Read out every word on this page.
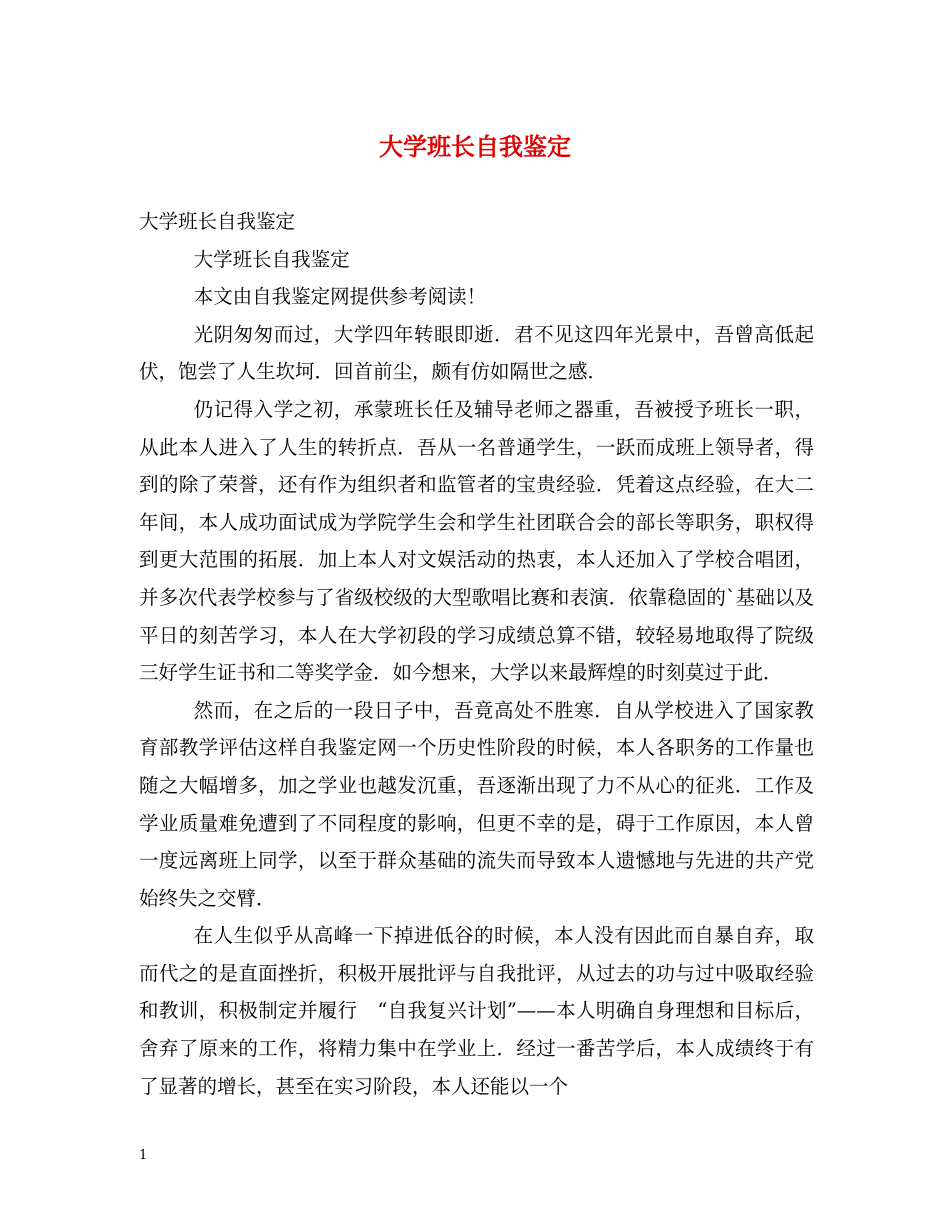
大学班长自我鉴定

大学班长自我鉴定

大学班长自我鉴定

本文由自我鉴定网提供参考阅读！

光阴匆匆而过，大学四年转眼即逝．君不见这四年光景中，吾曾高低起伏，饱尝了人生坎坷．回首前尘，颇有仿如隔世之感．

仍记得入学之初，承蒙班长任及辅导老师之器重，吾被授予班长一职，从此本人进入了人生的转折点．吾从一名普通学生，一跃而成班上领导者，得到的除了荣誉，还有作为组织者和监管者的宝贵经验．凭着这点经验，在大二年间，本人成功面试成为学院学生会和学生社团联合会的部长等职务，职权得到更大范围的拓展．加上本人对文娱活动的热衷，本人还加入了学校合唱团，并多次代表学校参与了省级校级的大型歌唱比赛和表演．依靠稳固的`基础以及平日的刻苦学习，本人在大学初段的学习成绩总算不错，较轻易地取得了院级三好学生证书和二等奖学金．如今想来，大学以来最辉煌的时刻莫过于此．

然而，在之后的一段日子中，吾竟高处不胜寒．自从学校进入了国家教育部教学评估这样自我鉴定网一个历史性阶段的时候，本人各职务的工作量也随之大幅增多，加之学业也越发沉重，吾逐渐出现了力不从心的征兆．工作及学业质量难免遭到了不同程度的影响，但更不幸的是，碍于工作原因，本人曾一度远离班上同学，以至于群众基础的流失而导致本人遗憾地与先进的共产党始终失之交臂．

在人生似乎从高峰一下掉进低谷的时候，本人没有因此而自暴自弃，取而代之的是直面挫折，积极开展批评与自我批评，从过去的功与过中吸取经验和教训，积极制定并履行　“自我复兴计划”——本人明确自身理想和目标后，舍弃了原来的工作，将精力集中在学业上．经过一番苦学后，本人成绩终于有了显著的增长，甚至在实习阶段，本人还能以一个

1
